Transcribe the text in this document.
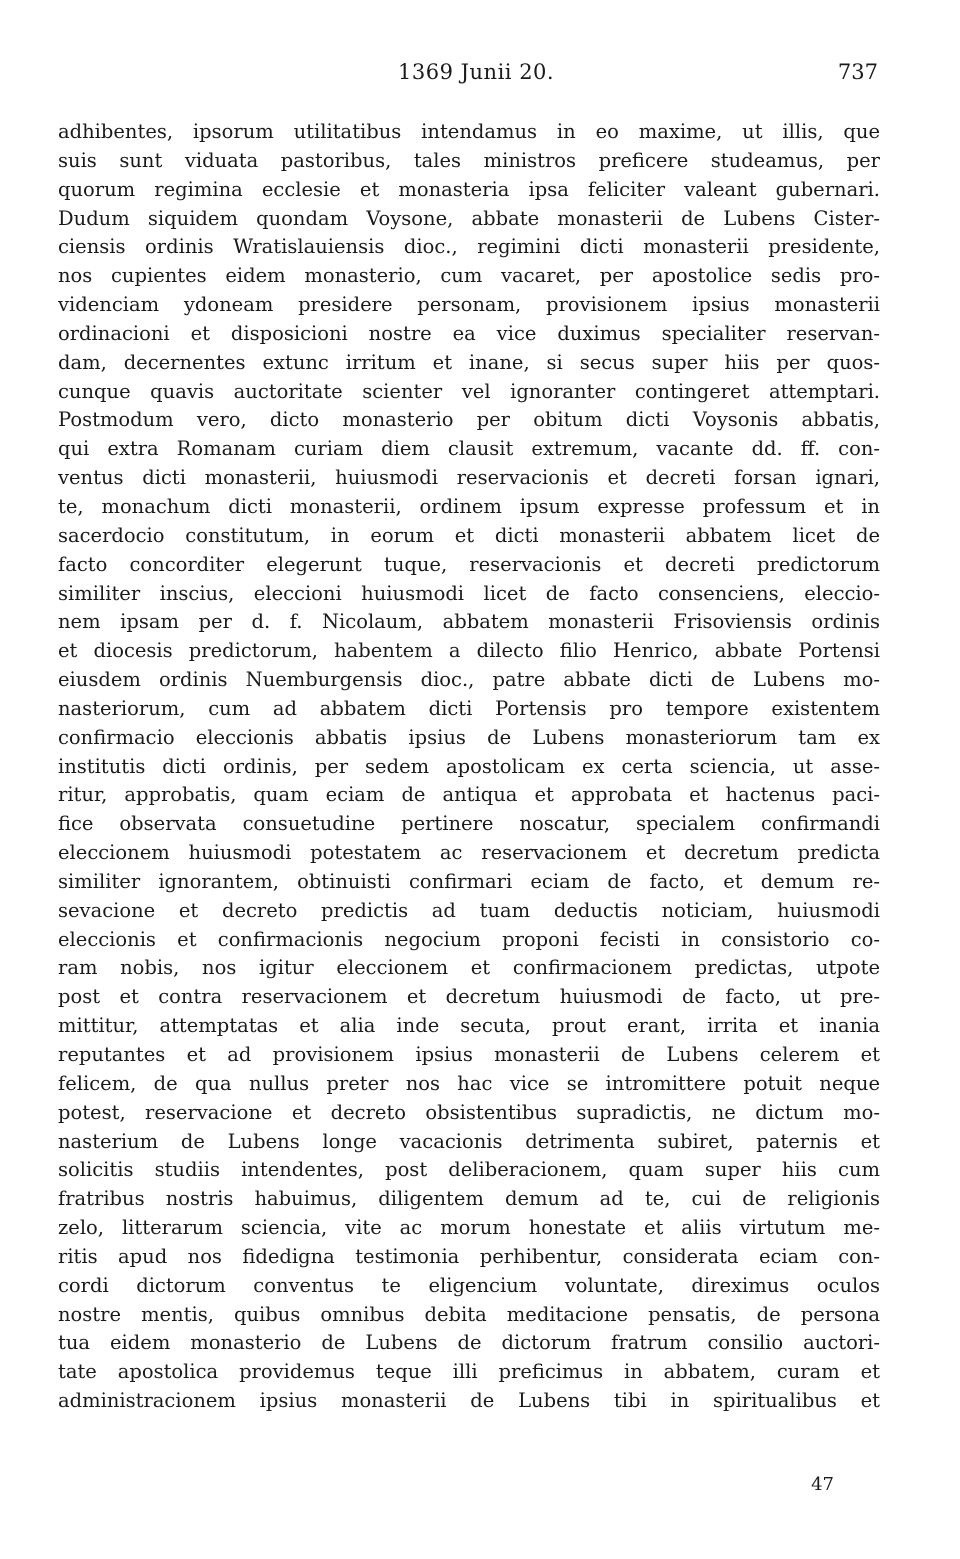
1369 Junii 20.	737
adhibentes, ipsorum utilitatibus intendamus in eo maxime, ut illis, que
suis sunt viduata pastoribus, tales ministros preficere studeamus, per
quorum regimina ecclesie et monasteria ipsa feliciter valeant gubernari.
Dudum siquidem quondam Voysone, abbate monasterii de Lubens Cister-
ciensis ordinis Wratislauiensis dioc., regimini dicti monasterii presidente,
nos cupientes eidem monasterio, cum vacaret, per apostolice sedis pro-
videnciam ydoneam presidere personam, provisionem ipsius monasterii
ordinacioni et disposicioni nostre ea vice duximus specialiter reservan-
dam, decernentes extunc irritum et inane, si secus super hiis per quos-
cunque quavis auctoritate scienter vel ignoranter contingeret attemptari.
Postmodum vero, dicto monasterio per obitum dicti Voysonis abbatis,
qui extra Romanam curiam diem clausit extremum, vacante dd. ff. con-
ventus dicti monasterii, huiusmodi reservacionis et decreti forsan ignari,
te, monachum dicti monasterii, ordinem ipsum expresse professum et in
sacerdocio constitutum, in eorum et dicti monasterii abbatem licet de
facto concorditer elegerunt tuque, reservacionis et decreti predictorum
similiter inscius, eleccioni huiusmodi licet de facto consenciens, eleccio-
nem ipsam per d. f. Nicolaum, abbatem monasterii Frisoviensis ordinis
et diocesis predictorum, habentem a dilecto filio Henrico, abbate Portensi
eiusdem ordinis Nuemburgensis dioc., patre abbate dicti de Lubens mo-
nasteriorum, cum ad abbatem dicti Portensis pro tempore existentem
confirmacio eleccionis abbatis ipsius de Lubens monasteriorum tam ex
institutis dicti ordinis, per sedem apostolicam ex certa sciencia, ut asse-
ritur, approbatis, quam eciam de antiqua et approbata et hactenus paci-
fice observata consuetudine pertinere noscatur, specialem confirmandi
eleccionem huiusmodi potestatem ac reservacionem et decretum predicta
similiter ignorantem, obtinuisti confirmari eciam de facto, et demum re-
sevacione et decreto predictis ad tuam deductis noticiam, huiusmodi
eleccionis et confirmacionis negocium proponi fecisti in consistorio co-
ram nobis, nos igitur eleccionem et confirmacionem predictas, utpote
post et contra reservacionem et decretum huiusmodi de facto, ut pre-
mittitur, attemptatas et alia inde secuta, prout erant, irrita et inania
reputantes et ad provisionem ipsius monasterii de Lubens celerem et
felicem, de qua nullus preter nos hac vice se intromittere potuit neque
potest, reservacione et decreto obsistentibus supradictis, ne dictum mo-
nasterium de Lubens longe vacacionis detrimenta subiret, paternis et
solicitis studiis intendentes, post deliberacionem, quam super hiis cum
fratribus nostris habuimus, diligentem demum ad te, cui de religionis
zelo, litterarum sciencia, vite ac morum honestate et aliis virtutum me-
ritis apud nos fidedigna testimonia perhibentur, considerata eciam con-
cordi dictorum conventus te eligencium voluntate, direximus oculos
nostre mentis, quibus omnibus debita meditacione pensatis, de persona
tua eidem monasterio de Lubens de dictorum fratrum consilio auctori-
tate apostolica providemus teque illi preficimus in abbatem, curam et
administracionem ipsius monasterii de Lubens tibi in spiritualibus et
47
